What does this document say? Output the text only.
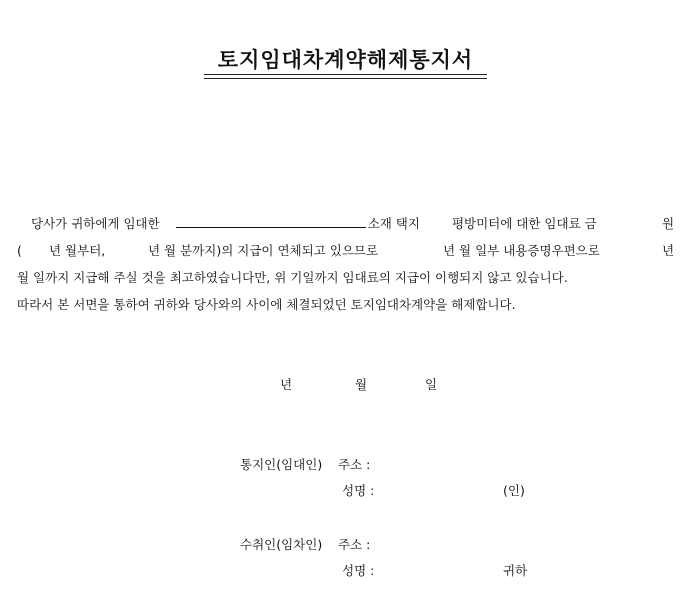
토지임대차계약해제통지서
당사가 귀하에게 임대한	소재 택지	평방미터에 대한 임대료 금	원
( 년 월부터,	년 월 분까지)의 지급이 연체되고 있으므로	년 월 일부 내용증명우편으로	년
월 일까지 지급해 주실 것을 최고하였습니다만, 위 기일까지 임대료의 지급이 이행되지 않고 있습니다.
따라서 본 서면을 통하여 귀하와 당사와의 사이에 체결되었던 토지임대차계약을 해제합니다.
년	월	일
통지인(임대인) 주소 :
성명 :	(인)
수취인(임차인) 주소 :
성명 :	귀하
